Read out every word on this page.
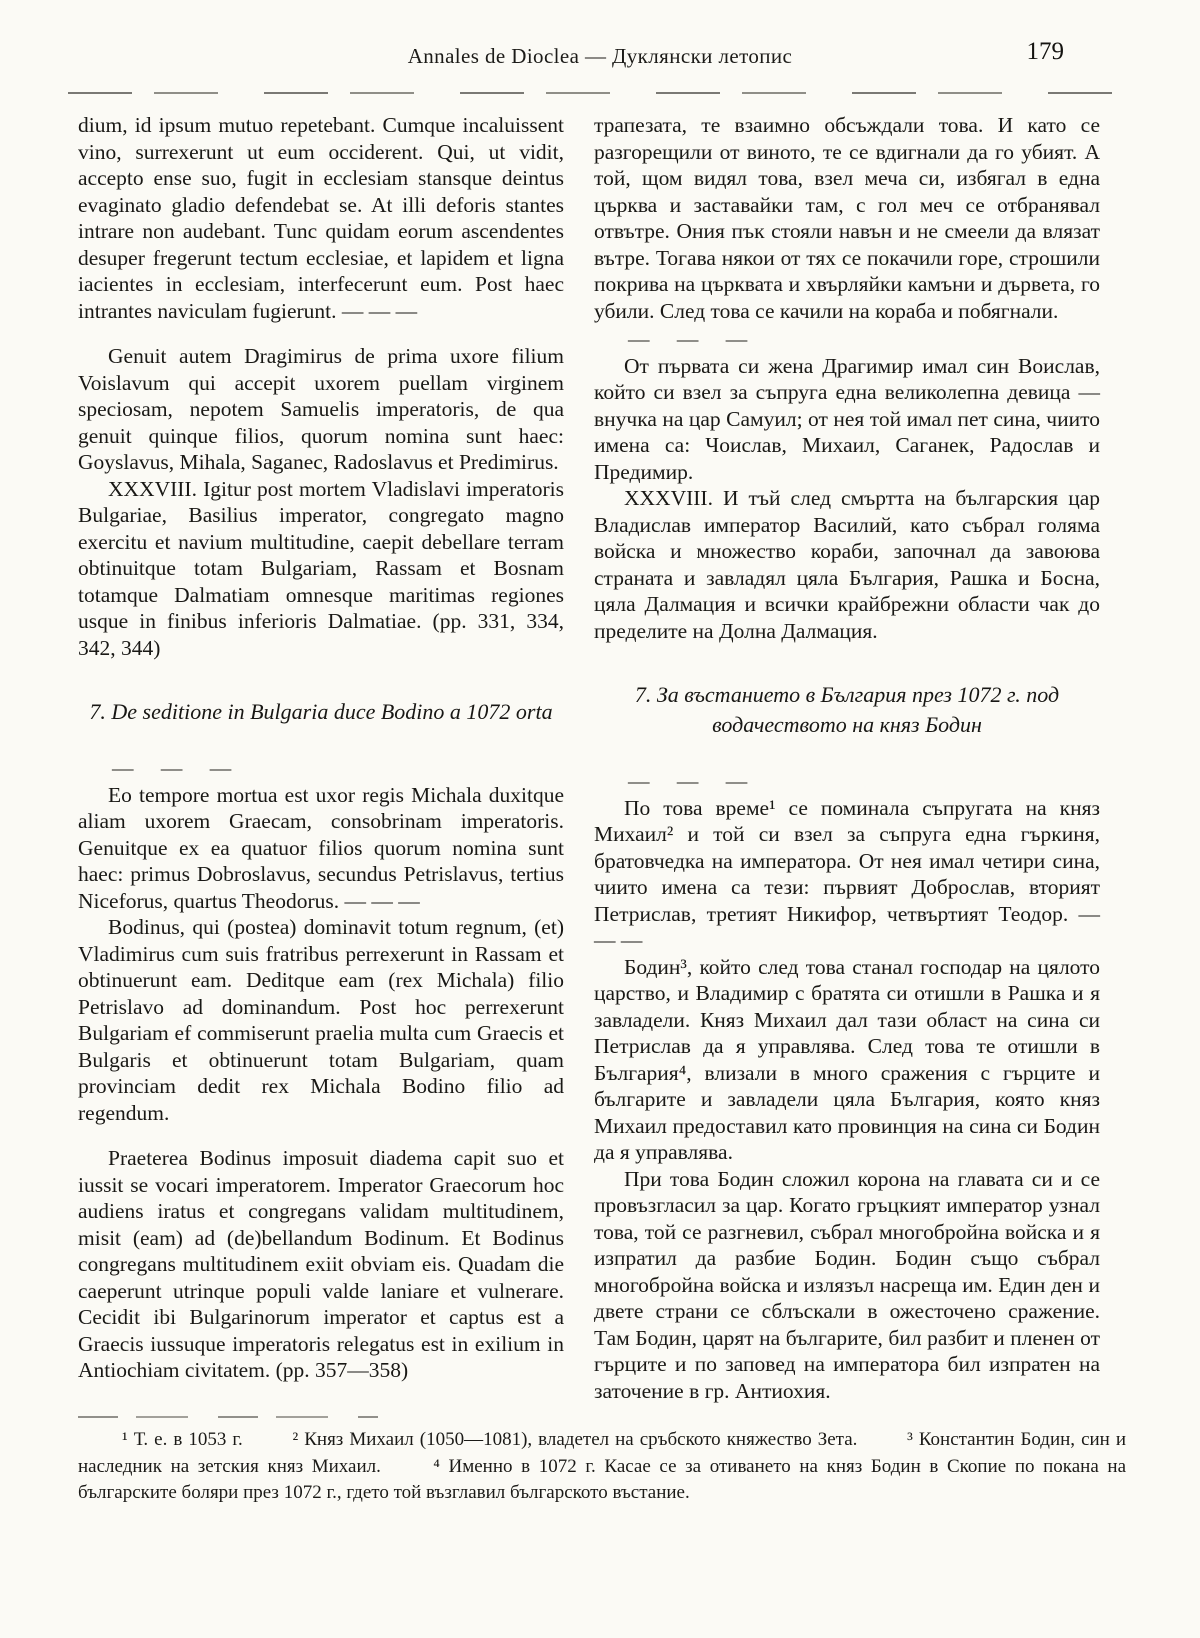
Annales de Dioclea — Дуклянски летопис	179

dium, id ipsum mutuo repetebant. Cumque incaluissent vino, surrexerunt ut eum occiderent. Qui, ut vidit, accepto ense suo, fugit in ecclesiam stansque deintus evaginato gladio defendebat se. At illi deforis stantes intrare non audebant. Tunc quidam eorum ascendentes desuper fregerunt tectum ecclesiae, et lapidem et ligna iacientes in ecclesiam, interfecerunt eum. Post haec intrantes naviculam fugierunt. — — —

Genuit autem Dragimirus de prima uxore filium Voislavum qui accepit uxorem puellam virginem speciosam, nepotem Samuelis imperatoris, de qua genuit quinque filios, quorum nomina sunt haec: Goyslavus, Mihala, Saganec, Radoslavus et Predimirus.

XXXVIII. Igitur post mortem Vladislavi imperatoris Bulgariae, Basilius imperator, congregato magno exercitu et navium multitudine, caepit debellare terram obtinuitque totam Bulgariam, Rassam et Bosnam totamque Dalmatiam omnesque maritimas regiones usque in finibus inferioris Dalmatiae. (pp. 331, 334, 342, 344)

7. De seditione in Bulgaria duce Bodino a 1072 orta
— — —

Eo tempore mortua est uxor regis Michala duxitque aliam uxorem Graecam, consobrinam imperatoris. Genuitque ex ea quatuor filios quorum nomina sunt haec: primus Dobroslavus, secundus Petrislavus, tertius Niceforus, quartus Theodorus. — — —

Bodinus, qui (postea) dominavit totum regnum, (et) Vladimirus cum suis fratribus perrexerunt in Rassam et obtinuerunt eam. Deditque eam (rex Michala) filio Petrislavo ad dominandum. Post hoc perrexerunt Bulgariam ef commiserunt praelia multa cum Graecis et Bulgaris et obtinuerunt totam Bulgariam, quam provinciam dedit rex Michala Bodino filio ad regendum.

Praeterea Bodinus imposuit diadema capit suo et iussit se vocari imperatorem. Imperator Graecorum hoc audiens iratus et congregans validam multitudinem, misit (eam) ad (de)bellandum Bodinum. Et Bodinus congregans multitudinem exiit obviam eis. Quadam die caeperunt utrinque populi valde laniare et vulnerare. Cecidit ibi Bulgarinorum imperator et captus est a Graecis iussuque imperatoris relegatus est in exilium in Antiochiam civitatem. (pp. 357—358)

трапезата, те взаимно обсъждали това. И като се разгорещили от виното, те се вдигнали да го убият. А той, щом видял това, взел меча си, избягал в една църква и заставайки там, с гол меч се отбранявал отвътре. Ония пък стояли навън и не смеели да влязат вътре. Тогава някои от тях се покачили горе, строшили покрива на църквата и хвърляйки камъни и дървета, го убили. След това се качили на кораба и побягнали.

— — —

От първата си жена Драгимир имал син Воислав, който си взел за съпруга една великолепна девица — внучка на цар Самуил; от нея той имал пет сина, чиито имена са: Чоислав, Михаил, Саганек, Радослав и Предимир.

XXXVIII. И тъй след смъртта на българския цар Владислав император Василий, като събрал голяма войска и множество кораби, започнал да завоюва страната и завладял цяла България, Рашка и Босна, цяла Далмация и всички крайбрежни области чак до пределите на Долна Далмация.

7. За въстанието в България през 1072 г. под водачеството на княз Бодин
— — —

По това време¹ се поминала съпругата на княз Михаил² и той си взел за съпруга една гъркиня, братовчедка на императора. От нея имал четири сина, чиито имена са тези: първият Доброслав, вторият Петрислав, третият Никифор, четвъртият Теодор. — — —

Бодин³, който след това станал господар на цялото царство, и Владимир с братята си отишли в Рашка и я завладели. Княз Михаил дал тази област на сина си Петрислав да я управлява. След това те отишли в България⁴, влизали в много сражения с гърците и българите и завладели цяла България, която княз Михаил предоставил като провинция на сина си Бодин да я управлява.

При това Бодин сложил корона на главата си и се провъзгласил за цар. Когато гръцкият император узнал това, той се разгневил, събрал многобройна войска и я изпратил да разбие Бодин. Бодин също събрал многобройна войска и излязъл насреща им. Един ден и двете страни се сблъскали в ожесточено сражение. Там Бодин, царят на българите, бил разбит и пленен от гърците и по заповед на императора бил изпратен на заточение в гр. Антиохия.

¹ Т. е. в 1053 г.	² Княз Михаил (1050—1081), владетел на сръбското княжество Зета.	³ Константин Бодин, син и наследник на зетския княз Михаил.	⁴ Именно в 1072 г. Касае се за отиването на княз Бодин в Скопие по покана на българските боляри през 1072 г., гдето той възглавил българското въстание.
